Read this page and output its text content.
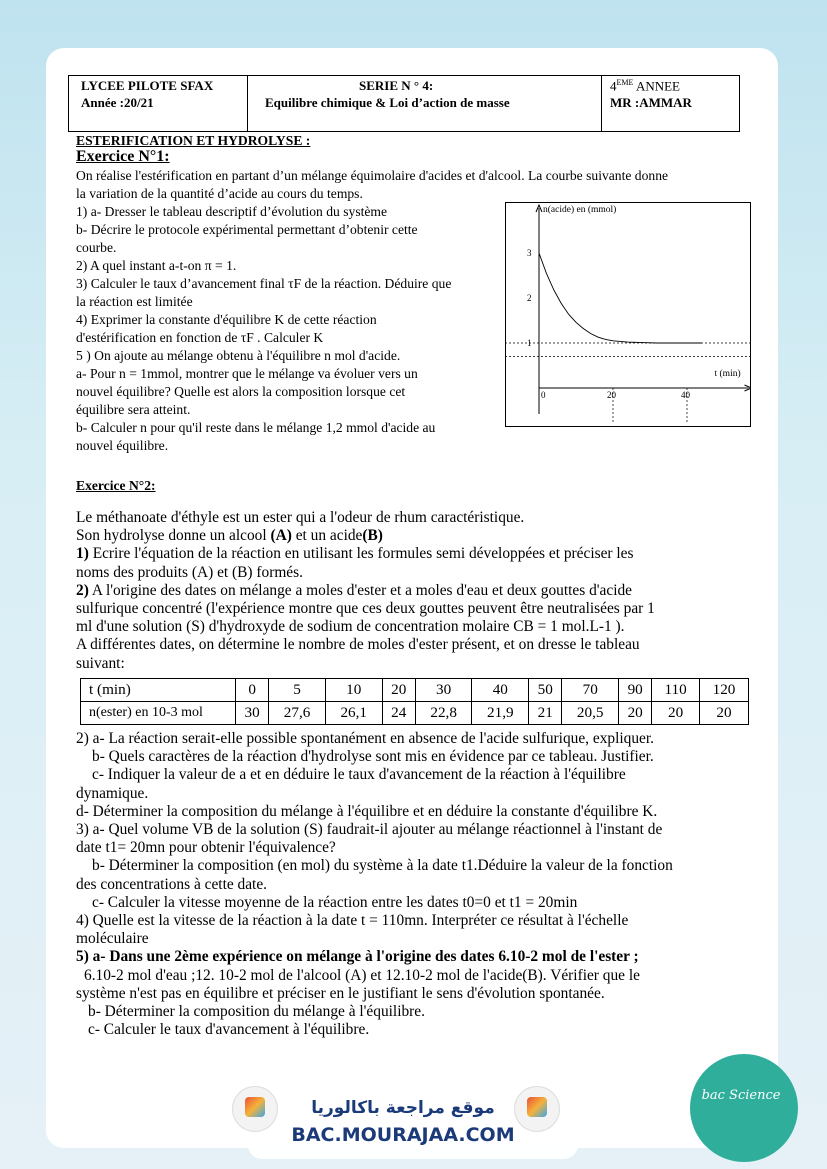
LYCEE PILOTE SFAX
Année :20/21
SERIE N ° 4:
Equilibre chimique & Loi d’action de masse
4EME ANNEE
MR :AMMAR
ESTERIFICATION ET HYDROLYSE :
Exercice N°1:
On réalise l'estérification en partant d’un mélange équimolaire d'acides et d'alcool. La courbe suivante donne
la variation de la quantité d’acide au cours du temps.
1) a- Dresser le tableau descriptif d’évolution du système
b- Décrire le protocole expérimental permettant d’obtenir cette
courbe.
2) A quel instant a-t-on π = 1.
3) Calculer le taux d’avancement final τF de la réaction. Déduire que
la réaction est limitée
4) Exprimer la constante d'équilibre K de cette réaction
d'estérification en fonction de τF . Calculer K
5 ) On ajoute au mélange obtenu à l'équilibre n mol d'acide.
a- Pour n = 1mmol, montrer que le mélange va évoluer vers un
nouvel équilibre? Quelle est alors la composition lorsque cet
équilibre sera atteint.
b- Calculer n pour qu'il reste dans le mélange 1,2 mmol d'acide au
nouvel équilibre.
0	20	40
1
2
3
n(acide) en (mmol)
t (min)
Exercice N°2:
Le méthanoate d'éthyle est un ester qui a l'odeur de rhum caractéristique.
Son hydrolyse donne un alcool (A) et un acide(B)
1) Ecrire l'équation de la réaction en utilisant les formules semi développées et préciser les
noms des produits (A) et (B) formés.
2) A l'origine des dates on mélange a moles d'ester et a moles d'eau et deux gouttes d'acide
sulfurique concentré (l'expérience montre que ces deux gouttes peuvent être neutralisées par 1
ml d'une solution (S) d'hydroxyde de sodium de concentration molaire CB = 1 mol.L-1 ).
A différentes dates, on détermine le nombre de moles d'ester présent, et on dresse le tableau
suivant:
t (min)	0	5	10	20	30	40	50	70	90	110	120
n(ester) en 10-3 mol	30	27,6	26,1	24	22,8	21,9	21	20,5	20	20	20
2) a- La réaction serait-elle possible spontanément en absence de l'acide sulfurique, expliquer.
b- Quels caractères de la réaction d'hydrolyse sont mis en évidence par ce tableau. Justifier.
c- Indiquer la valeur de a et en déduire le taux d'avancement de la réaction à l'équilibre
dynamique.
d- Déterminer la composition du mélange à l'équilibre et en déduire la constante d'équilibre K.
3) a- Quel volume VB de la solution (S) faudrait-il ajouter au mélange réactionnel à l'instant de
date t1= 20mn pour obtenir l'équivalence?
b- Déterminer la composition (en mol) du système à la date t1.Déduire la valeur de la fonction
des concentrations à cette date.
c- Calculer la vitesse moyenne de la réaction entre les dates t0=0 et t1 = 20min
4) Quelle est la vitesse de la réaction à la date t = 110mn. Interpréter ce résultat à l'échelle
moléculaire
5) a- Dans une 2ème expérience on mélange à l'origine des dates 6.10-2 mol de l'ester ;
6.10-2 mol d'eau ;12. 10-2 mol de l'alcool (A) et 12.10-2 mol de l'acide(B). Vérifier que le
système n'est pas en équilibre et préciser en le justifiant le sens d'évolution spontanée.
b- Déterminer la composition du mélange à l'équilibre.
c- Calculer le taux d'avancement à l'équilibre.
موقع مراجعة باكالوريا
BAC.MOURAJAA.COM
bac Science
